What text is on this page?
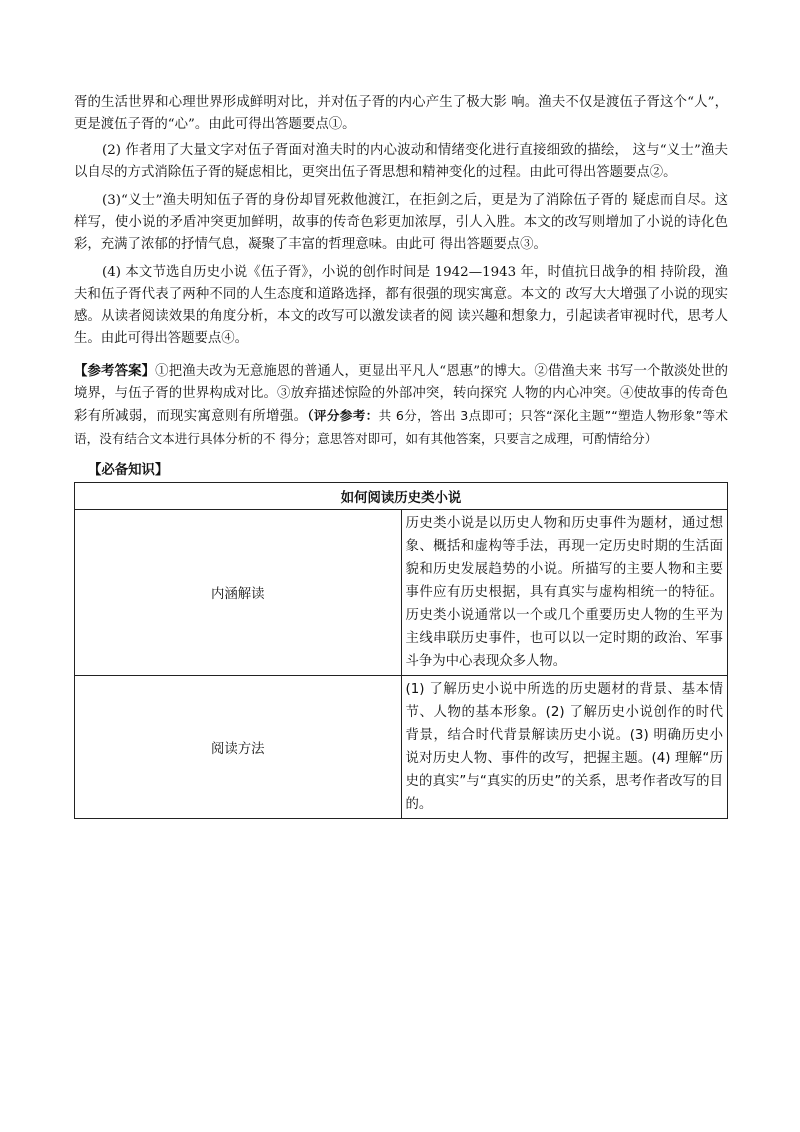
胥的生活世界和心理世界形成鲜明对比，并对伍子胥的内心产生了极大影 响。渔夫不仅是渡伍子胥这个“人”，更是渡伍子胥的“心”。由此可得出答题要点①。

(2) 作者用了大量文字对伍子胥面对渔夫时的内心波动和情绪变化进行直接细致的描绘， 这与“义士”渔夫以自尽的方式消除伍子胥的疑虑相比，更突出伍子胥思想和精神变化的过程。由此可得出答题要点②。

(3)“义士”渔夫明知伍子胥的身份却冒死救他渡江，在拒剑之后，更是为了消除伍子胥的 疑虑而自尽。这样写，使小说的矛盾冲突更加鲜明，故事的传奇色彩更加浓厚，引人入胜。本文的改写则增加了小说的诗化色彩，充满了浓郁的抒情气息，凝聚了丰富的哲理意味。由此可 得出答题要点③。

(4) 本文节选自历史小说《伍子胥》，小说的创作时间是 1942—1943 年，时值抗日战争的相 持阶段，渔夫和伍子胥代表了两种不同的人生态度和道路选择，都有很强的现实寓意。本文的 改写大大增强了小说的现实感。从读者阅读效果的角度分析，本文的改写可以激发读者的阅 读兴趣和想象力，引起读者审视时代，思考人生。由此可得出答题要点④。

【参考答案】①把渔夫改为无意施恩的普通人，更显出平凡人“恩惠”的博大。②借渔夫来 书写一个散淡处世的境界，与伍子胥的世界构成对比。③放弃描述惊险的外部冲突，转向探究 人物的内心冲突。④使故事的传奇色彩有所减弱，而现实寓意则有所增强。（评分参考：共 6分，答出 3点即可；只答“深化主题”“塑造人物形象”等术语，没有结合文本进行具体分析的不 得分；意思答对即可，如有其他答案，只要言之成理，可酌情给分）

【必备知识】
如何阅读历史类小说	
内涵解读	历史类小说是以历史人物和历史事件为题材，通过想象、概括和虚构等手法，再现一定历史时期的生活面貌和历史发展趋势的小说。所描写的主要人物和主要事件应有历史根据，具有真实与虚构相统一的特征。历史类小说通常以一个或几个重要历史人物的生平为主线串联历史事件，也可以以一定时期的政治、军事斗争为中心表现众多人物。
阅读方法	(1) 了解历史小说中所选的历史题材的背景、基本情节、人物的基本形象。(2) 了解历史小说创作的时代背景，结合时代背景解读历史小说。(3) 明确历史小说对历史人物、事件的改写，把握主题。(4) 理解“历史的真实”与“真实的历史”的关系，思考作者改写的目的。
